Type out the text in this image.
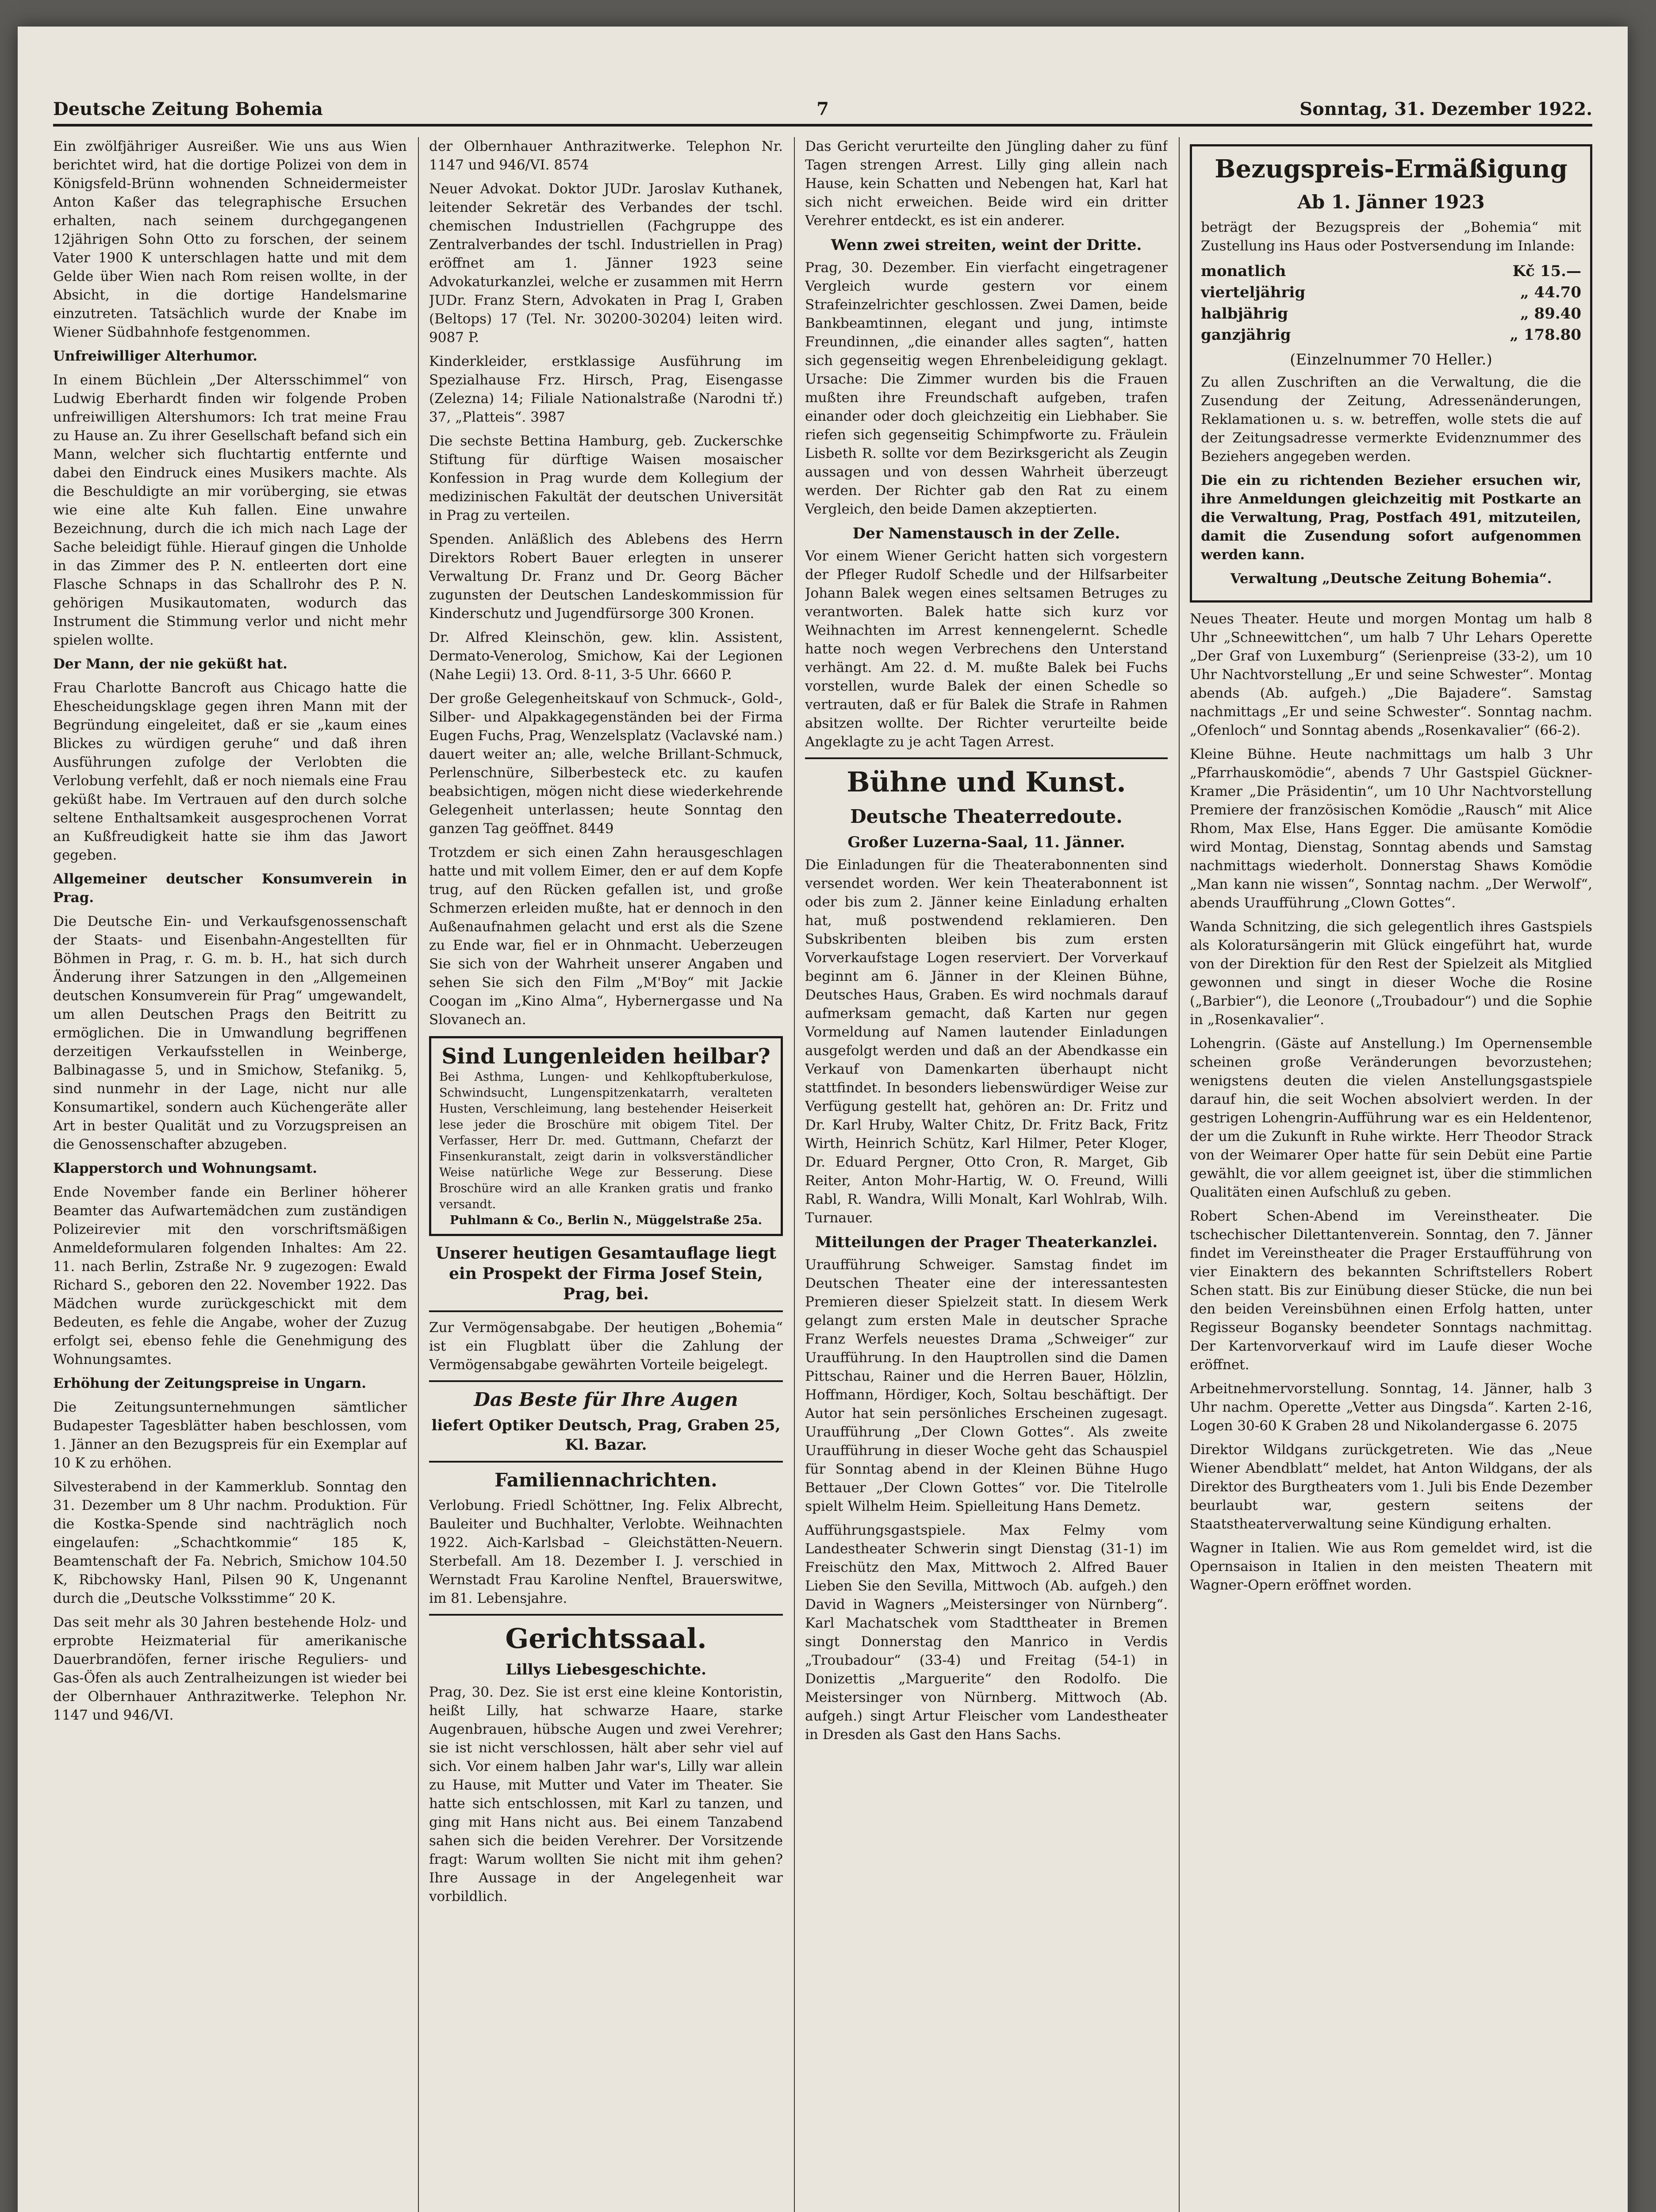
Deutsche Zeitung Bohemia	7	Sonntag, 31. Dezember 1922.

Ein zwölfjähriger Ausreißer. Wie uns aus Wien berichtet wird, hat die dortige Polizei von dem in Königsfeld-Brünn wohnenden Schneidermeister Anton Kaßer das telegraphische Ersuchen erhalten, nach seinem durchgegangenen 12jährigen Sohn Otto zu forschen, der seinem Vater 1900 K unterschlagen hatte und mit dem Gelde über Wien nach Rom reisen wollte, in der Absicht, in die dortige Handelsmarine einzutreten. Tatsächlich wurde der Knabe im Wiener Südbahnhofe festgenommen.

Unfreiwilliger Alterhumor.

In einem Büchlein „Der Altersschimmel“ von Ludwig Eberhardt finden wir folgende Proben unfreiwilligen Altershumors: Ich trat meine Frau zu Hause an. Zu ihrer Gesellschaft befand sich ein Mann, welcher sich fluchtartig entfernte und dabei den Eindruck eines Musikers machte. Als die Beschuldigte an mir vorüberging, sie etwas wie eine alte Kuh fallen. Eine unwahre Bezeichnung, durch die ich mich nach Lage der Sache beleidigt fühle. Hierauf gingen die Unholde in das Zimmer des P. N. entleerten dort eine Flasche Schnaps in das Schallrohr des P. N. gehörigen Musikautomaten, wodurch das Instrument die Stimmung verlor und nicht mehr spielen wollte.

Der Mann, der nie geküßt hat.

Frau Charlotte Bancroft aus Chicago hatte die Ehescheidungsklage gegen ihren Mann mit der Begründung eingeleitet, daß er sie „kaum eines Blickes zu würdigen geruhe“ und daß ihren Ausführungen zufolge der Verlobten die Verlobung verfehlt, daß er noch niemals eine Frau geküßt habe. Im Vertrauen auf den durch solche seltene Enthaltsamkeit ausgesprochenen Vorrat an Kußfreudigkeit hatte sie ihm das Jawort gegeben.

Allgemeiner deutscher Konsumverein in Prag.

Die Deutsche Ein- und Verkaufsgenossenschaft der Staats- und Eisenbahn-Angestellten für Böhmen in Prag, r. G. m. b. H., hat sich durch Änderung ihrer Satzungen in den „Allgemeinen deutschen Konsumverein für Prag“ umgewandelt, um allen Deutschen Prags den Beitritt zu ermöglichen. Die in Umwandlung begriffenen derzeitigen Verkaufsstellen in Weinberge, Balbinagasse 5, und in Smichow, Stefanikg. 5, sind nunmehr in der Lage, nicht nur alle Konsumartikel, sondern auch Küchengeräte aller Art in bester Qualität und zu Vorzugspreisen an die Genossenschafter abzugeben.

Klapperstorch und Wohnungsamt.

Ende November fande ein Berliner höherer Beamter das Aufwartemädchen zum zuständigen Polizeirevier mit den vorschriftsmäßigen Anmeldeformularen folgenden Inhaltes: Am 22. 11. nach Berlin, Zstraße Nr. 9 zugezogen: Ewald Richard S., geboren den 22. November 1922. Das Mädchen wurde zurückgeschickt mit dem Bedeuten, es fehle die Angabe, woher der Zuzug erfolgt sei, ebenso fehle die Genehmigung des Wohnungsamtes.

Erhöhung der Zeitungspreise in Ungarn.

Die Zeitungsunternehmungen sämtlicher Budapester Tagesblätter haben beschlossen, vom 1. Jänner an den Bezugspreis für ein Exemplar auf 10 K zu erhöhen.

Silvesterabend in der Kammerklub. Sonntag den 31. Dezember um 8 Uhr nachm. Produktion. Für die Kostka-Spende sind nachträglich noch eingelaufen: „Schachtkommie“ 185 K, Beamtenschaft der Fa. Nebrich, Smichow 104.50 K, Ribchowsky Hanl, Pilsen 90 K, Ungenannt durch die „Deutsche Volksstimme“ 20 K.

Das seit mehr als 30 Jahren bestehende Holz- und erprobte Heizmaterial für amerikanische Dauerbrandöfen, ferner irische Reguliers- und Gas-Öfen als auch Zentralheizungen ist wieder bei der Olbernhauer Anthrazitwerke. Telephon Nr. 1147 und 946/VI.

der Olbernhauer Anthrazitwerke. Telephon Nr. 1147 und 946/VI. 8574

Neuer Advokat. Doktor JUDr. Jaroslav Kuthanek, leitender Sekretär des Verbandes der tschl. chemischen Industriellen (Fachgruppe des Zentralverbandes der tschl. Industriellen in Prag) eröffnet am 1. Jänner 1923 seine Advokaturkanzlei, welche er zusammen mit Herrn JUDr. Franz Stern, Advokaten in Prag I, Graben (Beltops) 17 (Tel. Nr. 30200-30204) leiten wird. 9087 P.

Kinderkleider, erstklassige Ausführung im Spezialhause Frz. Hirsch, Prag, Eisengasse (Zelezna) 14; Filiale Nationalstraße (Narodni tř.) 37, „Platteis“. 3987

Die sechste Bettina Hamburg, geb. Zuckerschke Stiftung für dürftige Waisen mosaischer Konfession in Prag wurde dem Kollegium der medizinischen Fakultät der deutschen Universität in Prag zu verteilen.

Spenden. Anläßlich des Ablebens des Herrn Direktors Robert Bauer erlegten in unserer Verwaltung Dr. Franz und Dr. Georg Bächer zugunsten der Deutschen Landeskommission für Kinderschutz und Jugendfürsorge 300 Kronen.

Dr. Alfred Kleinschön, gew. klin. Assistent, Dermato-Venerolog, Smichow, Kai der Legionen (Nahe Legii) 13. Ord. 8-11, 3-5 Uhr. 6660 P.

Der große Gelegenheitskauf von Schmuck-, Gold-, Silber- und Alpakkagegenständen bei der Firma Eugen Fuchs, Prag, Wenzelsplatz (Vaclavské nam.) dauert weiter an; alle, welche Brillant-Schmuck, Perlenschnüre, Silberbesteck etc. zu kaufen beabsichtigen, mögen nicht diese wiederkehrende Gelegenheit unterlassen; heute Sonntag den ganzen Tag geöffnet. 8449

Trotzdem er sich einen Zahn herausgeschlagen hatte und mit vollem Eimer, den er auf dem Kopfe trug, auf den Rücken gefallen ist, und große Schmerzen erleiden mußte, hat er dennoch in den Außenaufnahmen gelacht und erst als die Szene zu Ende war, fiel er in Ohnmacht. Ueberzeugen Sie sich von der Wahrheit unserer Angaben und sehen Sie sich den Film „M'Boy“ mit Jackie Coogan im „Kino Alma“, Hybernergasse und Na Slovanech an.

Sind Lungenleiden heilbar?
Bei Asthma, Lungen- und Kehlkopftuberkulose, Schwindsucht, Lungenspitzenkatarrh, veralteten Husten, Verschleimung, lang bestehender Heiserkeit lese jeder die Broschüre mit obigem Titel. Der Verfasser, Herr Dr. med. Guttmann, Chefarzt der Finsenkuranstalt, zeigt darin in volksverständlicher Weise natürliche Wege zur Besserung. Diese Broschüre wird an alle Kranken gratis und franko versandt.
Puhlmann & Co., Berlin N., Müggelstraße 25a.

Unserer heutigen Gesamtauflage liegt ein Prospekt der Firma Josef Stein, Prag, bei.

Zur Vermögensabgabe. Der heutigen „Bohemia“ ist ein Flugblatt über die Zahlung der Vermögensabgabe gewährten Vorteile beigelegt.

Das Beste für Ihre Augen
liefert Optiker Deutsch, Prag, Graben 25, Kl. Bazar.
Familiennachrichten.

Verlobung. Friedl Schöttner, Ing. Felix Albrecht, Bauleiter und Buchhalter, Verlobte. Weihnachten 1922. Aich-Karlsbad – Gleichstätten-Neuern. Sterbefall. Am 18. Dezember I. J. verschied in Wernstadt Frau Karoline Nenftel, Brauerswitwe, im 81. Lebensjahre.

Gerichtssaal.
Lillys Liebesgeschichte.

Prag, 30. Dez. Sie ist erst eine kleine Kontoristin, heißt Lilly, hat schwarze Haare, starke Augenbrauen, hübsche Augen und zwei Verehrer; sie ist nicht verschlossen, hält aber sehr viel auf sich. Vor einem halben Jahr war's, Lilly war allein zu Hause, mit Mutter und Vater im Theater. Sie hatte sich entschlossen, mit Karl zu tanzen, und ging mit Hans nicht aus. Bei einem Tanzabend sahen sich die beiden Verehrer. Der Vorsitzende fragt: Warum wollten Sie nicht mit ihm gehen? Ihre Aussage in der Angelegenheit war vorbildlich.

Das Gericht verurteilte den Jüngling daher zu fünf Tagen strengen Arrest. Lilly ging allein nach Hause, kein Schatten und Nebengen hat, Karl hat sich nicht erweichen. Beide wird ein dritter Verehrer entdeckt, es ist ein anderer.

Wenn zwei streiten, weint der Dritte.

Prag, 30. Dezember. Ein vierfacht eingetragener Vergleich wurde gestern vor einem Strafeinzelrichter geschlossen. Zwei Damen, beide Bankbeamtinnen, elegant und jung, intimste Freundinnen, „die einander alles sagten“, hatten sich gegenseitig wegen Ehrenbeleidigung geklagt. Ursache: Die Zimmer wurden bis die Frauen mußten ihre Freundschaft aufgeben, trafen einander oder doch gleichzeitig ein Liebhaber. Sie riefen sich gegenseitig Schimpfworte zu. Fräulein Lisbeth R. sollte vor dem Bezirksgericht als Zeugin aussagen und von dessen Wahrheit überzeugt werden. Der Richter gab den Rat zu einem Vergleich, den beide Damen akzeptierten.

Der Namenstausch in der Zelle.

Vor einem Wiener Gericht hatten sich vorgestern der Pfleger Rudolf Schedle und der Hilfsarbeiter Johann Balek wegen eines seltsamen Betruges zu verantworten. Balek hatte sich kurz vor Weihnachten im Arrest kennengelernt. Schedle hatte noch wegen Verbrechens den Unterstand verhängt. Am 22. d. M. mußte Balek bei Fuchs vorstellen, wurde Balek der einen Schedle so vertrauten, daß er für Balek die Strafe in Rahmen absitzen wollte. Der Richter verurteilte beide Angeklagte zu je acht Tagen Arrest.

Bühne und Kunst.
Deutsche Theaterredoute.
Großer Luzerna-Saal, 11. Jänner.

Die Einladungen für die Theaterabonnenten sind versendet worden. Wer kein Theaterabonnent ist oder bis zum 2. Jänner keine Einladung erhalten hat, muß postwendend reklamieren. Den Subskribenten bleiben bis zum ersten Vorverkaufstage Logen reserviert. Der Vorverkauf beginnt am 6. Jänner in der Kleinen Bühne, Deutsches Haus, Graben. Es wird nochmals darauf aufmerksam gemacht, daß Karten nur gegen Vormeldung auf Namen lautender Einladungen ausgefolgt werden und daß an der Abendkasse ein Verkauf von Damenkarten überhaupt nicht stattfindet. In besonders liebenswürdiger Weise zur Verfügung gestellt hat, gehören an: Dr. Fritz und Dr. Karl Hruby, Walter Chitz, Dr. Fritz Back, Fritz Wirth, Heinrich Schütz, Karl Hilmer, Peter Kloger, Dr. Eduard Pergner, Otto Cron, R. Marget, Gib Reiter, Anton Mohr-Hartig, W. O. Freund, Willi Rabl, R. Wandra, Willi Monalt, Karl Wohlrab, Wilh. Turnauer.

Mitteilungen der Prager Theaterkanzlei.

Uraufführung Schweiger. Samstag findet im Deutschen Theater eine der interessantesten Premieren dieser Spielzeit statt. In diesem Werk gelangt zum ersten Male in deutscher Sprache Franz Werfels neuestes Drama „Schweiger“ zur Uraufführung. In den Hauptrollen sind die Damen Pittschau, Rainer und die Herren Bauer, Hölzlin, Hoffmann, Hördiger, Koch, Soltau beschäftigt. Der Autor hat sein persönliches Erscheinen zugesagt. Uraufführung „Der Clown Gottes“. Als zweite Uraufführung in dieser Woche geht das Schauspiel für Sonntag abend in der Kleinen Bühne Hugo Bettauer „Der Clown Gottes“ vor. Die Titelrolle spielt Wilhelm Heim. Spielleitung Hans Demetz.

Aufführungsgastspiele. Max Felmy vom Landestheater Schwerin singt Dienstag (31-1) im Freischütz den Max, Mittwoch 2. Alfred Bauer Lieben Sie den Sevilla, Mittwoch (Ab. aufgeh.) den David in Wagners „Meistersinger von Nürnberg“. Karl Machatschek vom Stadttheater in Bremen singt Donnerstag den Manrico in Verdis „Troubadour“ (33-4) und Freitag (54-1) in Donizettis „Marguerite“ den Rodolfo. Die Meistersinger von Nürnberg. Mittwoch (Ab. aufgeh.) singt Artur Fleischer vom Landestheater in Dresden als Gast den Hans Sachs.

Bezugspreis-Ermäßigung
Ab 1. Jänner 1923

beträgt der Bezugspreis der „Bohemia“ mit Zustellung ins Haus oder Postversendung im Inlande:

monatlich	Kč 15.—
vierteljährig	„ 44.70
halbjährig	„ 89.40
ganzjährig	„ 178.80
(Einzelnummer 70 Heller.)

Zu allen Zuschriften an die Verwaltung, die die Zusendung der Zeitung, Adressenänderungen, Reklamationen u. s. w. betreffen, wolle stets die auf der Zeitungsadresse vermerkte Evidenznummer des Beziehers angegeben werden.

Die ein zu richtenden Bezieher ersuchen wir, ihre Anmeldungen gleichzeitig mit Postkarte an die Verwaltung, Prag, Postfach 491, mitzuteilen, damit die Zusendung sofort aufgenommen werden kann.

Verwaltung „Deutsche Zeitung Bohemia“.

Neues Theater. Heute und morgen Montag um halb 8 Uhr „Schneewittchen“, um halb 7 Uhr Lehars Operette „Der Graf von Luxemburg“ (Serienpreise (33-2), um 10 Uhr Nachtvorstellung „Er und seine Schwester“. Montag abends (Ab. aufgeh.) „Die Bajadere“. Samstag nachmittags „Er und seine Schwester“. Sonntag nachm. „Ofenloch“ und Sonntag abends „Rosenkavalier“ (66-2).

Kleine Bühne. Heute nachmittags um halb 3 Uhr „Pfarrhauskomödie“, abends 7 Uhr Gastspiel Gückner-Kramer „Die Präsidentin“, um 10 Uhr Nachtvorstellung Premiere der französischen Komödie „Rausch“ mit Alice Rhom, Max Else, Hans Egger. Die amüsante Komödie wird Montag, Dienstag, Sonntag abends und Samstag nachmittags wiederholt. Donnerstag Shaws Komödie „Man kann nie wissen“, Sonntag nachm. „Der Werwolf“, abends Uraufführung „Clown Gottes“.

Wanda Schnitzing, die sich gelegentlich ihres Gastspiels als Koloratursängerin mit Glück eingeführt hat, wurde von der Direktion für den Rest der Spielzeit als Mitglied gewonnen und singt in dieser Woche die Rosine („Barbier“), die Leonore („Troubadour“) und die Sophie in „Rosenkavalier“.

Lohengrin. (Gäste auf Anstellung.) Im Opernensemble scheinen große Veränderungen bevorzustehen; wenigstens deuten die vielen Anstellungsgastspiele darauf hin, die seit Wochen absolviert werden. In der gestrigen Lohengrin-Aufführung war es ein Heldentenor, der um die Zukunft in Ruhe wirkte. Herr Theodor Strack von der Weimarer Oper hatte für sein Debüt eine Partie gewählt, die vor allem geeignet ist, über die stimmlichen Qualitäten einen Aufschluß zu geben.

Robert Schen-Abend im Vereinstheater. Die tschechischer Dilettantenverein. Sonntag, den 7. Jänner findet im Vereinstheater die Prager Erstaufführung von vier Einaktern des bekannten Schriftstellers Robert Schen statt. Bis zur Einübung dieser Stücke, die nun bei den beiden Vereinsbühnen einen Erfolg hatten, unter Regisseur Bogansky beendeter Sonntags nachmittag. Der Kartenvorverkauf wird im Laufe dieser Woche eröffnet.

Arbeitnehmervorstellung. Sonntag, 14. Jänner, halb 3 Uhr nachm. Operette „Vetter aus Dingsda“. Karten 2-16, Logen 30-60 K Graben 28 und Nikolandergasse 6. 2075

Direktor Wildgans zurückgetreten. Wie das „Neue Wiener Abendblatt“ meldet, hat Anton Wildgans, der als Direktor des Burgtheaters vom 1. Juli bis Ende Dezember beurlaubt war, gestern seitens der Staatstheaterverwaltung seine Kündigung erhalten.

Wagner in Italien. Wie aus Rom gemeldet wird, ist die Opernsaison in Italien in den meisten Theatern mit Wagner-Opern eröffnet worden.
